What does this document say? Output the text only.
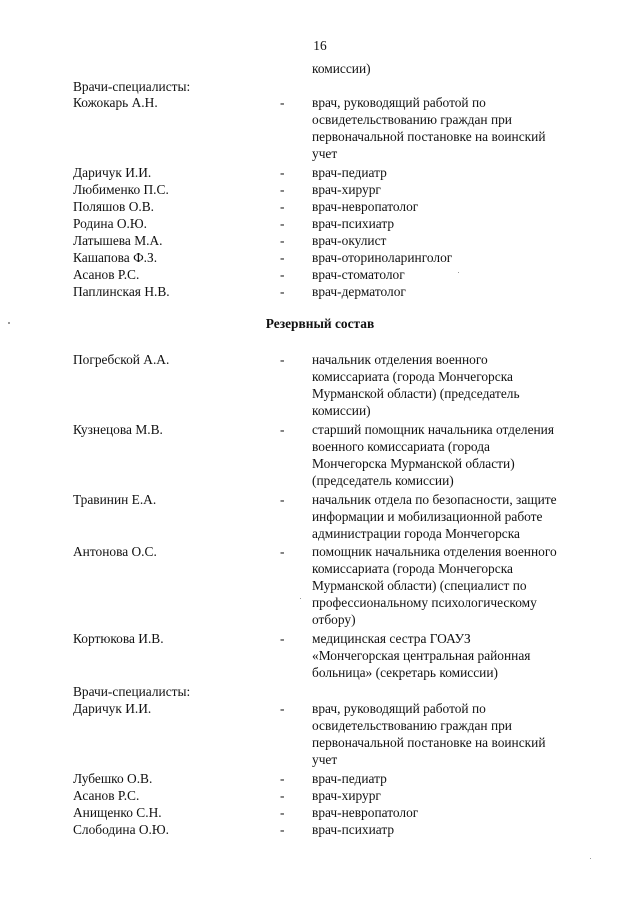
16
комиссии)
Врачи-специалисты:
Кожокарь А.Н.	- врач, руководящий работой по
освидетельствованию граждан при
первоначальной постановке на воинский
учет
Даричук И.И.	- врач-педиатр
Любименко П.С.	- врач-хирург
Поляшов О.В.	- врач-невропатолог
Родина О.Ю.	- врач-психиатр
Латышева М.А.	- врач-окулист
Кашапова Ф.З.	- врач-оториноларинголог
Асанов Р.С.	- врач-стоматолог
Паплинская Н.В.	- врач-дерматолог
Резервный состав
Погребской А.А.	- начальник отделения военного
комиссариата (города Мончегорска
Мурманской области) (председатель
комиссии)
Кузнецова М.В.	- старший помощник начальника отделения
военного комиссариата (города
Мончегорска Мурманской области)
(председатель комиссии)
Травинин Е.А.	- начальник отдела по безопасности, защите
информации и мобилизационной работе
администрации города Мончегорска
Антонова О.С.	- помощник начальника отделения военного
комиссариата (города Мончегорска
Мурманской области) (специалист по
профессиональному психологическому
отбору)
Кортюкова И.В.	- медицинская сестра ГОАУЗ
«Мончегорская центральная районная
больница» (секретарь комиссии)
Врачи-специалисты:
Даричук И.И.	- врач, руководящий работой по
освидетельствованию граждан при
первоначальной постановке на воинский
учет
Лубешко О.В.	- врач-педиатр
Асанов Р.С.	- врач-хирург
Анищенко С.Н.	- врач-невропатолог
Слободина О.Ю.	- врач-психиатр
